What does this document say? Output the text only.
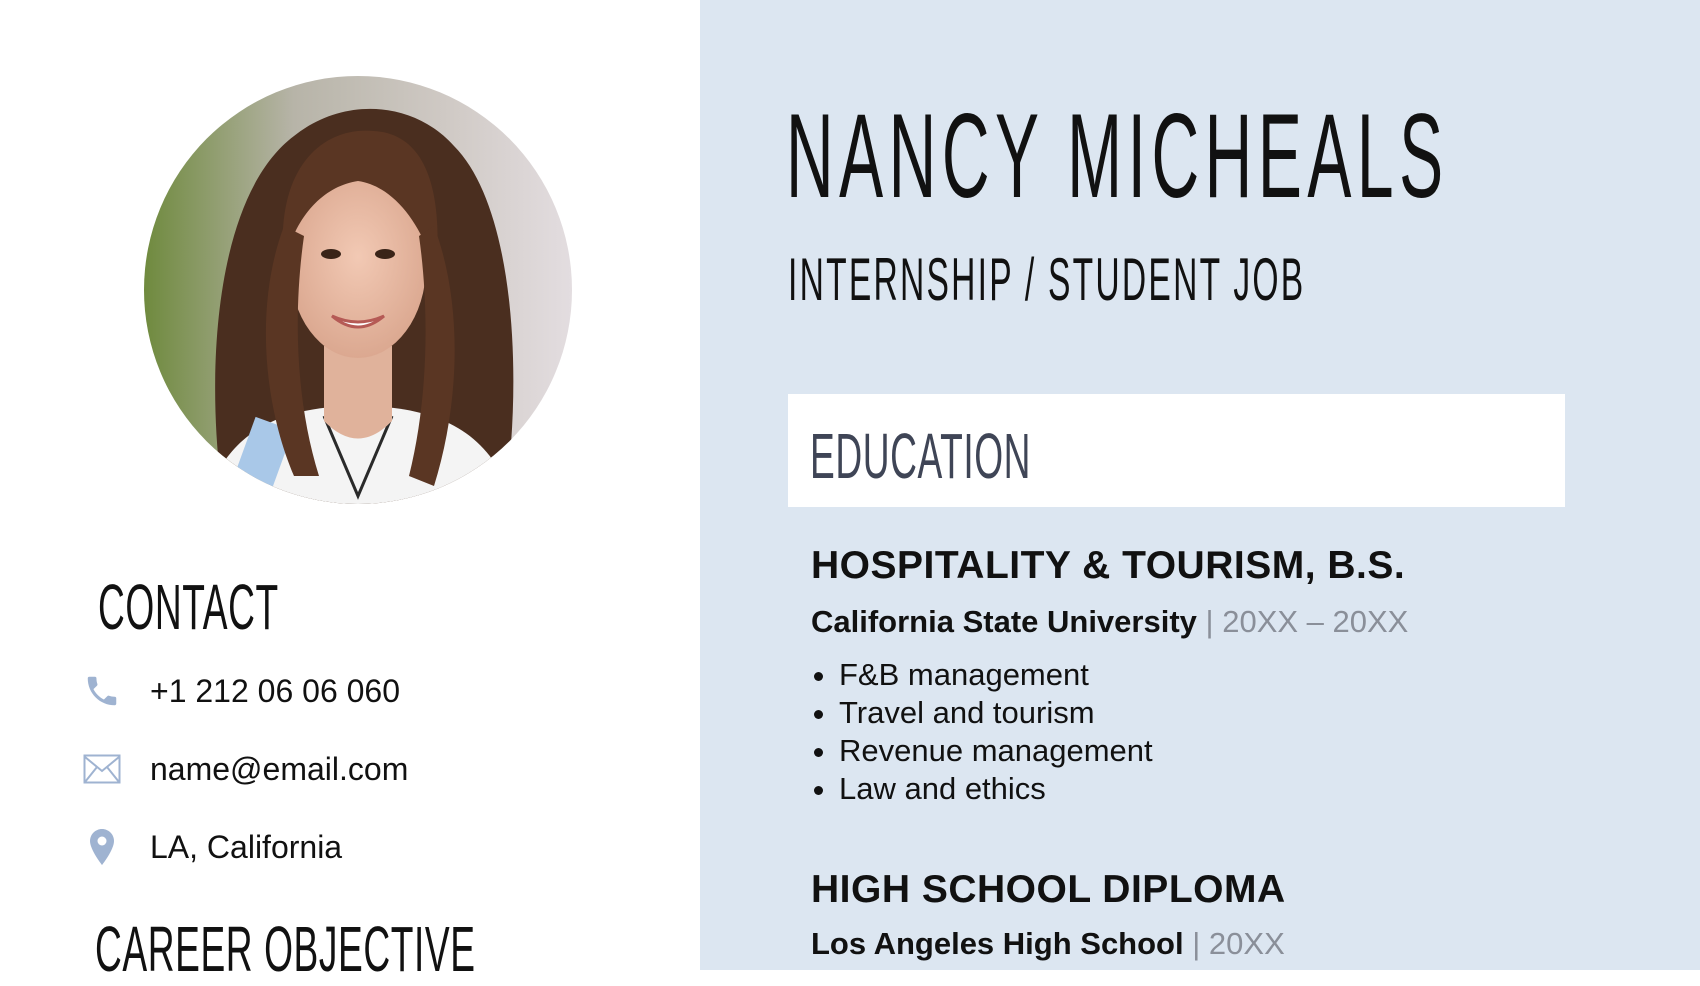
CONTACT
+1 212 06 06 060
name@email.com
LA, California
CAREER OBJECTIVE
NANCY MICHEALS
INTERNSHIP / STUDENT JOB
EDUCATION
HOSPITALITY & TOURISM, B.S.
California State University | 20XX – 20XX
• F&B management
• Travel and tourism
• Revenue management
• Law and ethics
HIGH SCHOOL DIPLOMA
Los Angeles High School | 20XX
